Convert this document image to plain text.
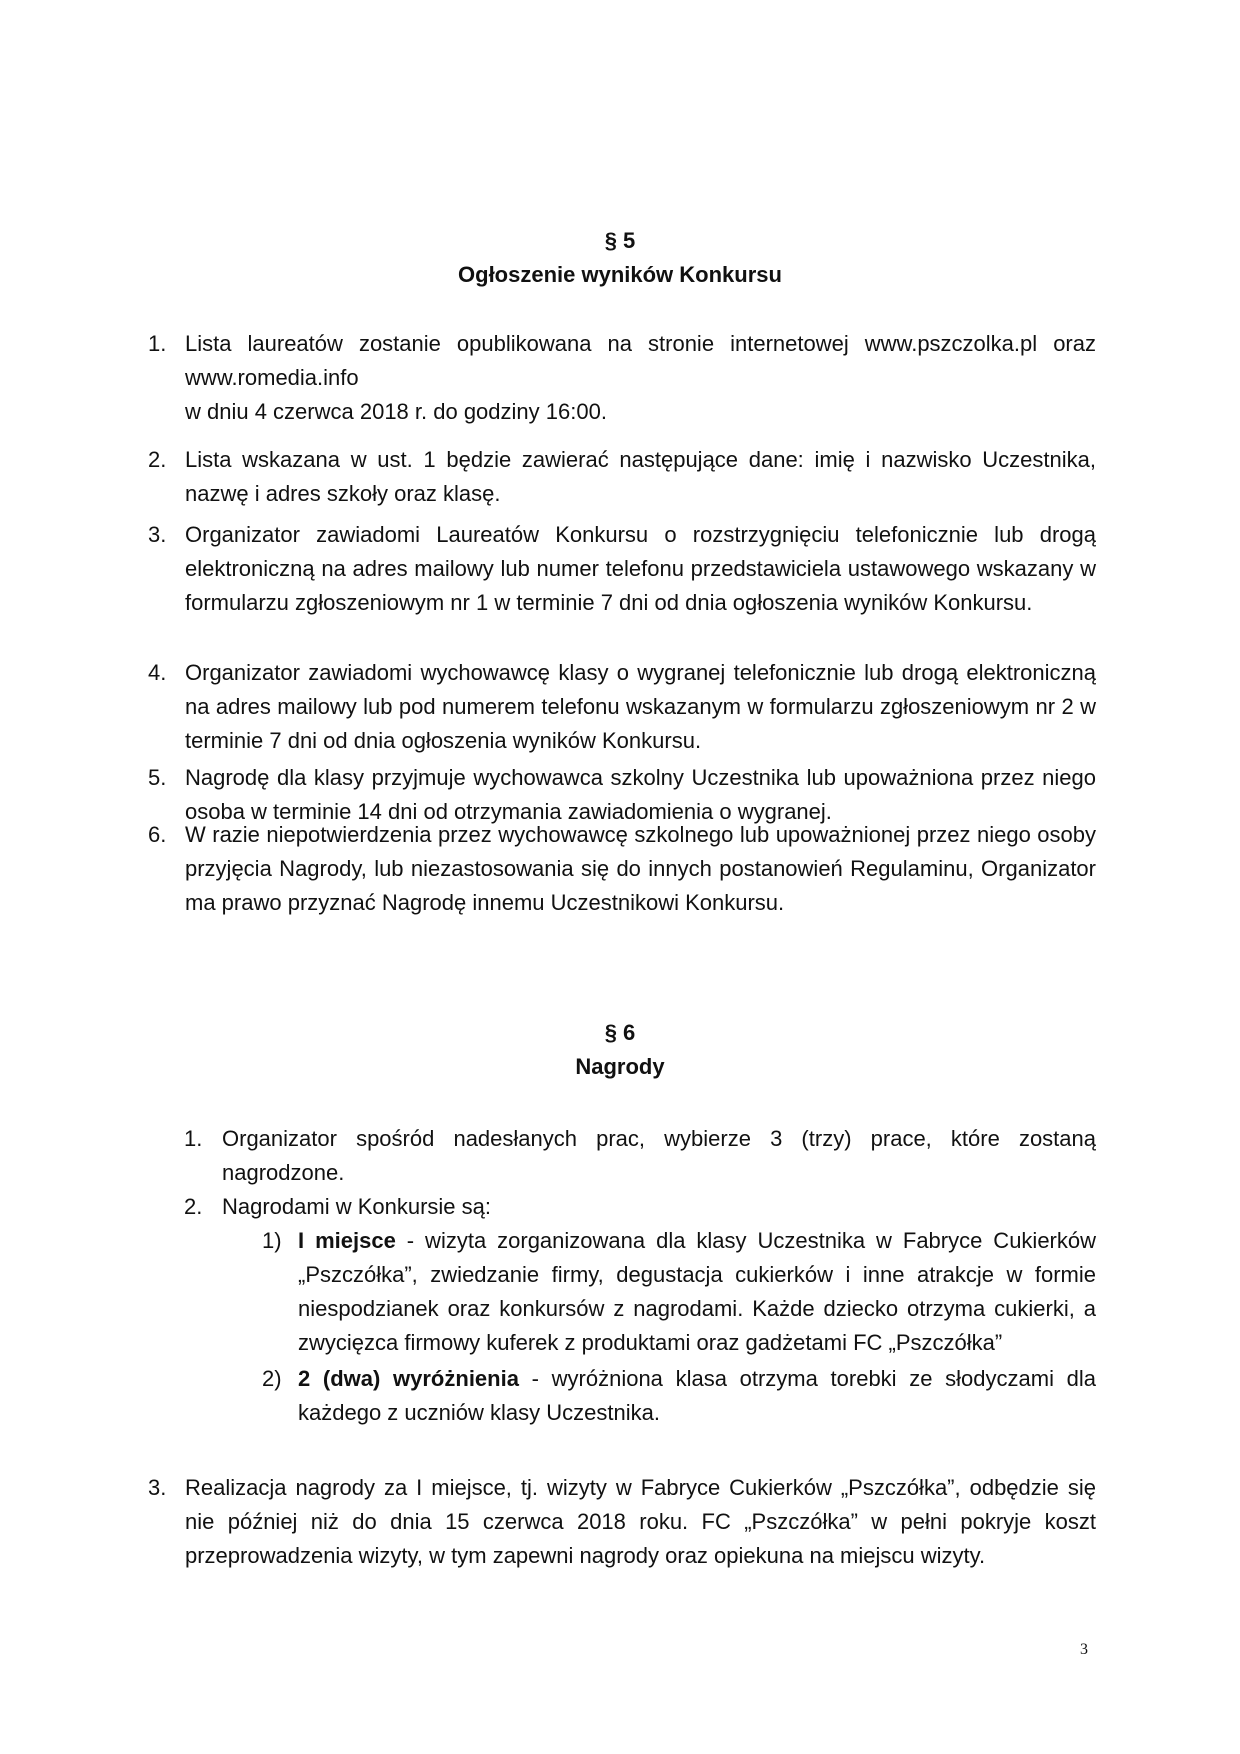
§ 5

Ogłoszenie wyników Konkursu

1. Lista laureatów zostanie opublikowana na stronie internetowej www.pszczolka.pl oraz www.romedia.info
w dniu 4 czerwca 2018 r. do godziny 16:00.
2. Lista wskazana w ust. 1 będzie zawierać następujące dane: imię i nazwisko Uczestnika, nazwę i adres szkoły oraz klasę.
3. Organizator zawiadomi Laureatów Konkursu o rozstrzygnięciu telefonicznie lub drogą elektroniczną na adres mailowy lub numer telefonu przedstawiciela ustawowego wskazany w formularzu zgłoszeniowym nr 1 w terminie 7 dni od dnia ogłoszenia wyników Konkursu.
4. Organizator zawiadomi wychowawcę klasy o wygranej telefonicznie lub drogą elektroniczną na adres mailowy lub pod numerem telefonu wskazanym w formularzu zgłoszeniowym nr 2 w terminie 7 dni od dnia ogłoszenia wyników Konkursu.
5. Nagrodę dla klasy przyjmuje wychowawca szkolny Uczestnika lub upoważniona przez niego osoba w terminie 14 dni od otrzymania zawiadomienia o wygranej.
6. W razie niepotwierdzenia przez wychowawcę szkolnego lub upoważnionej przez niego osoby przyjęcia Nagrody, lub niezastosowania się do innych postanowień Regulaminu, Organizator ma prawo przyznać Nagrodę innemu Uczestnikowi Konkursu.

§ 6

Nagrody

1. Organizator spośród nadesłanych prac, wybierze 3 (trzy) prace, które zostaną nagrodzone.
2. Nagrodami w Konkursie są:
1) I miejsce - wizyta zorganizowana dla klasy Uczestnika w Fabryce Cukierków „Pszczółka”, zwiedzanie firmy, degustacja cukierków i inne atrakcje w formie niespodzianek oraz konkursów z nagrodami. Każde dziecko otrzyma cukierki, a zwycięzca firmowy kuferek z produktami oraz gadżetami FC „Pszczółka”
2) 2 (dwa) wyróżnienia - wyróżniona klasa otrzyma torebki ze słodyczami dla każdego z uczniów klasy Uczestnika.
3. Realizacja nagrody za I miejsce, tj. wizyty w Fabryce Cukierków „Pszczółka”, odbędzie się nie później niż do dnia 15 czerwca 2018 roku. FC „Pszczółka” w pełni pokryje koszt przeprowadzenia wizyty, w tym zapewni nagrody oraz opiekuna na miejscu wizyty.
3
